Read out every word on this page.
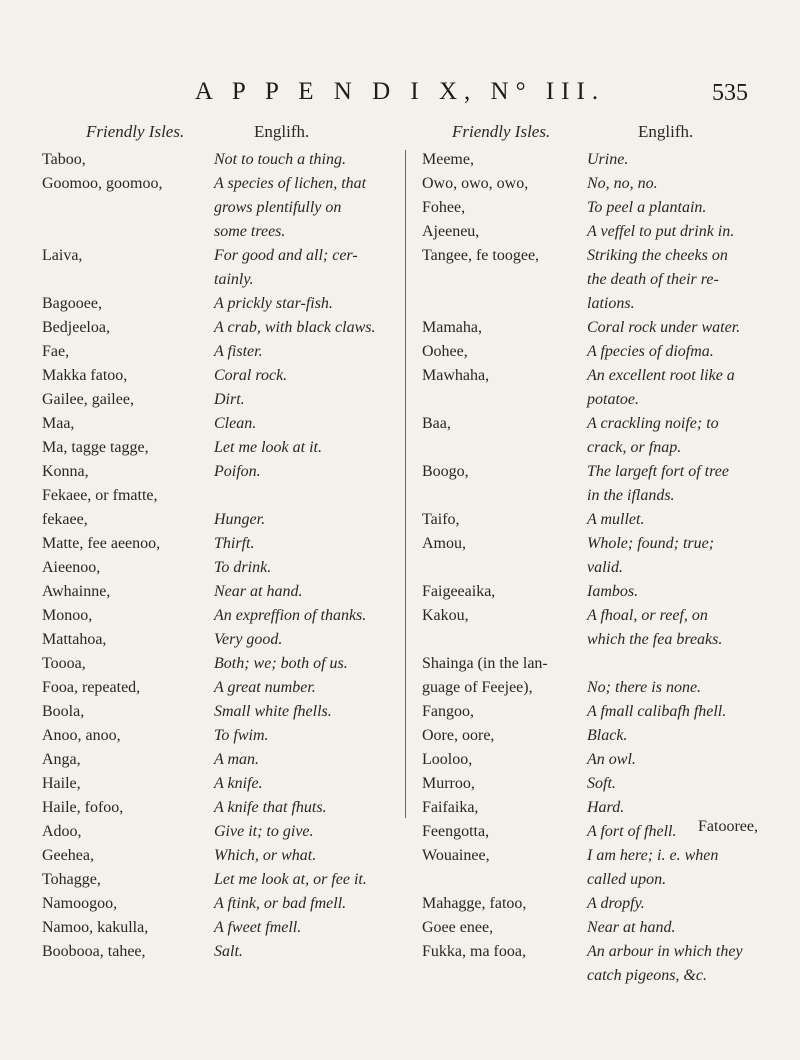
A P P E N D I X, N° III.	535
Friendly Isles.	Englifh.	Friendly Isles.	Englifh.
Taboo,	Not to touch a thing.
Goomoo, goomoo,	A species of lichen, that
grows plentifully on
some trees.
Laiva,	For good and all; cer-
tainly.
Bagooee,	A prickly star-fish.
Bedjeeloa,	A crab, with black claws.
Fae,	A fister.
Makka fatoo,	Coral rock.
Gailee, gailee,	Dirt.
Maa,	Clean.
Ma, tagge tagge,	Let me look at it.
Konna,	Poifon.
Fekaee, or fmatte,
fekaee,	Hunger.
Matte, fee aeenoo,	Thirft.
Aieenoo,	To drink.
Awhainne,	Near at hand.
Monoo,	An expreffion of thanks.
Mattahoa,	Very good.
Toooa,	Both; we; both of us.
Fooa, repeated,	A great number.
Boola,	Small white fhells.
Anoo, anoo,	To fwim.
Anga,	A man.
Haile,	A knife.
Haile, fofoo,	A knife that fhuts.
Adoo,	Give it; to give.
Geehea,	Which, or what.
Tohagge,	Let me look at, or fee it.
Namoogoo,	A ftink, or bad fmell.
Namoo, kakulla,	A fweet fmell.
Boobooa, tahee,	Salt.
Meeme,	Urine.
Owo, owo, owo,	No, no, no.
Fohee,	To peel a plantain.
Ajeeneu,	A veffel to put drink in.
Tangee, fe toogee,	Striking the cheeks on
the death of their re-
lations.
Mamaha,	Coral rock under water.
Oohee,	A fpecies of diofma.
Mawhaha,	An excellent root like a
potatoe.
Baa,	A crackling noife; to
crack, or fnap.
Boogo,	The largeft fort of tree
in the iflands.
Taifo,	A mullet.
Amou,	Whole; found; true;
valid.
Faigeeaika,	Iambos.
Kakou,	A fhoal, or reef, on
which the fea breaks.
Shainga (in the lan-
guage of Feejee),	No; there is none.
Fangoo,	A fmall calibafh fhell.
Oore, oore,	Black.
Looloo,	An owl.
Murroo,	Soft.
Faifaika,	Hard.
Feengotta,	A fort of fhell.
Wouainee,	I am here; i. e. when
called upon.
Mahagge, fatoo,	A dropfy.
Goee enee,	Near at hand.
Fukka, ma fooa,	An arbour in which they
catch pigeons, &c.
Fatooree,
